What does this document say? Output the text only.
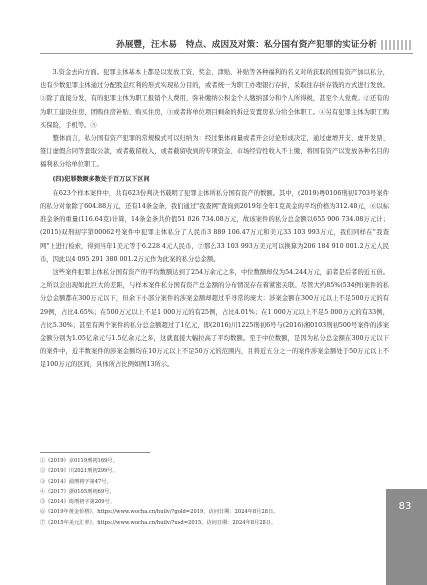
孙展豐，汪木易　特点、成因及对策：私分国有资产犯罪的实证分析

3.资金去向方面。犯罪主体基本上都是以发放工资、奖金、津贴、补贴等各种福利的名义对所获取的国有资产加以私分，也有少数犯罪主体通过分配股息红利的形式实现私分目的，或者统一为职工办理银行存折，采取往存折存钱的方式进行发放。①除了直接分发，有的犯罪主体为职工报销个人费用，弥补缴纳公积金个人缴纳部分和个人所得税，甚至个人党费。②还有的为职工建设住房，团购住房补贴、购买住房，③或者将单位项目剩余的拆迁安置房私分给全体职工。④另有犯罪主体为职工购买保险，手机等。⑤

整体而言，私分国有资产犯罪的常规模式可以归纳为：经过集体商量或者开会讨论形成决定，通过虚增开支、虚开发票、签订虚假合同等套取公款，或者截留收入，或者截留收到的专项资金、市场经营性收入不上缴，将国有资产以发放各种名目的福利私分给单位职工。

(四)犯罪数额多数处于百万以下区间

在623个样本案件中，共有623份判决书载明了犯罪主体所私分国有资产的数额。其中，(2019)粤0106刑初1703号案件的私分对象除了604.88万元，还有14条金条，我们通过"我查网"查询到2019年全年1克黄金的平均价格为312.48元，⑥以标准金条的重量(116.64克)计算，14条金条共价值51 026 734.08万元，故该案件的私分总金额以655 906 734.08万元计；(2015)双刑初字第00062号案件中犯罪主体私分了人民币3 889 106.47万元和美元33 103 993万元，我们同样在"我查网"上进行检索，得到当年1美元等于6.228 4元人民币，⑦那么33 103 993万美元可以换算为206 184 910 001.2万元人民币，因此以4 095 291 380 001.2万元作为此案的私分总金额。

这些案件犯罪主体私分国有资产的平均数额达到了254万余元之多，中位数额却仅为54.244万元，前者是后者的近五倍。之所以会出现如此巨大的差距，与样本案件私分国有资产总金额的分布情况存在着紧密关联。尽管大约85%(534例)案件的私分总金额都在300万元以下，但余下小部分案件的涉案金额却超过乎寻常的庞大：涉案金额在300万元以上不足500万元的有29例，占比4.65%；在500万元以上不足1 000万元的有25例，占比4.01%；在1 000万元以上不足5 000万元的有33例，占比5.30%；甚至有两个案件的私分总金额超过了1亿元，即(2016)川1225刑初6号与(2016)湘0103刑初500号案件的涉案金额分别为1.05亿余元与1.5亿余元之多，这就直接大幅拉高了平均数额。至于中位数额，是因为私分总金额在300万元以下的案件中，近半数案件的涉案金额均在10万元以上不足50万元的范围内，且将近五分之一的案件涉案金额处于50万元以上不足100万元的区间，具体所占比例如图13所示。

①《2019》京0119刑初169号。
②《2019》川2021刑初299号。
③《2014》浦刑初字第47号。
④《2017》浙0105刑初69号。
⑤《2014》筠刑初字第209号。
⑥《2019年黄金价格》，https://www.wocha.cn/huilv/?gold=2019，访问日期：2024年8月28日。
⑦《2015年美元汇率》，https://www.wocha.cn/huilv/?usd=2015，访问日期：2024年8月28日。
83
